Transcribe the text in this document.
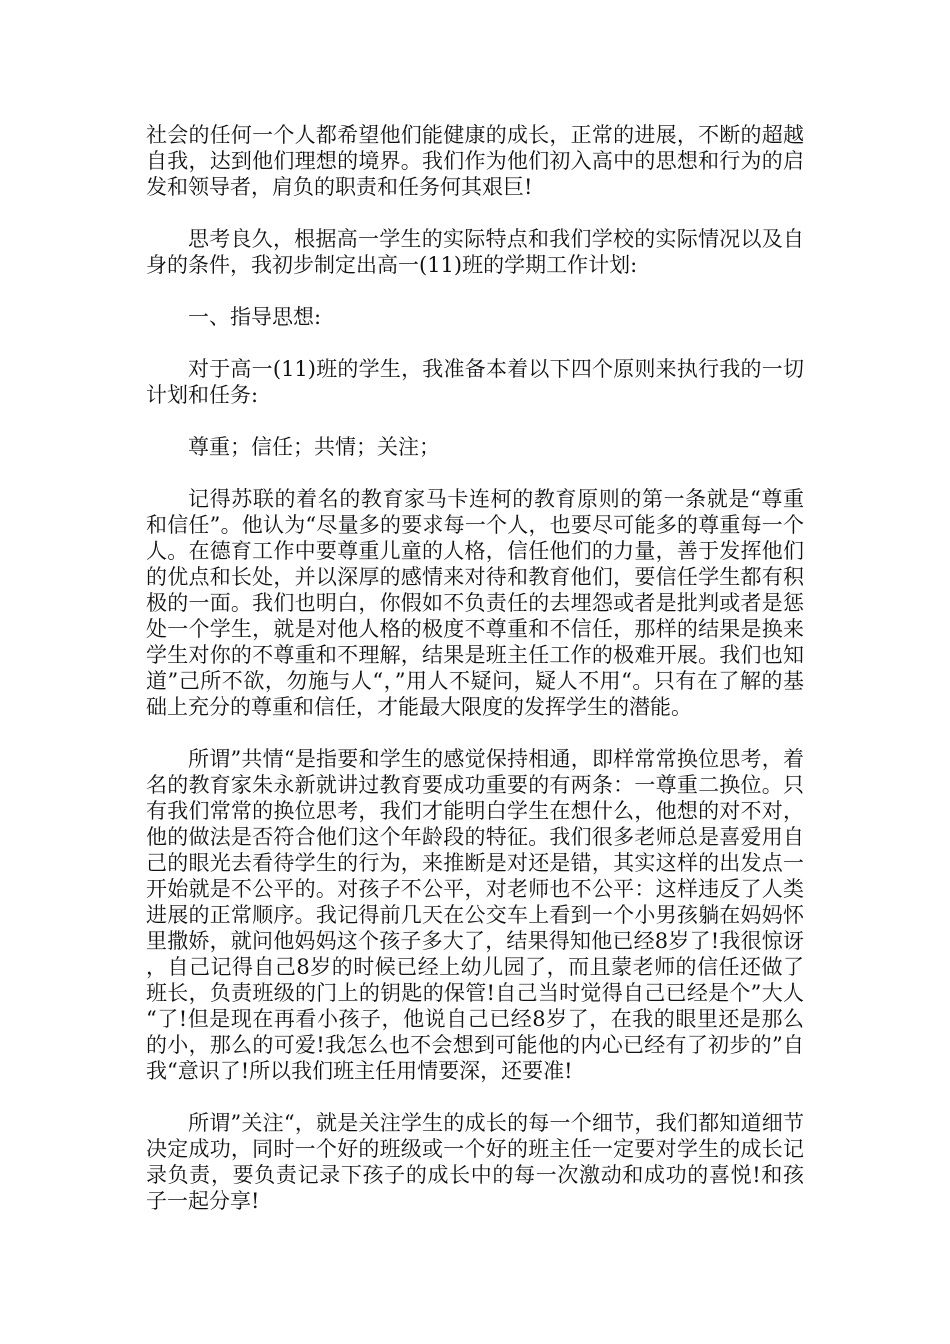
社会的任何一个人都希望他们能健康的成长，正常的进展，不断的超越自我，达到他们理想的境界。我们作为他们初入高中的思想和行为的启发和领导者，肩负的职责和任务何其艰巨!

思考良久，根据高一学生的实际特点和我们学校的实际情况以及自身的条件，我初步制定出高一(11)班的学期工作计划:

一、指导思想:

对于高一(11)班的学生，我准备本着以下四个原则来执行我的一切计划和任务:

尊重；信任；共情；关注；

记得苏联的着名的教育家马卡连柯的教育原则的第一条就是“尊重和信任”。他认为“尽量多的要求每一个人，也要尽可能多的尊重每一个人。在德育工作中要尊重儿童的人格，信任他们的力量，善于发挥他们的优点和长处，并以深厚的感情来对待和教育他们，要信任学生都有积极的一面。我们也明白，你假如不负责任的去埋怨或者是批判或者是惩处一个学生，就是对他人格的极度不尊重和不信任，那样的结果是换来学生对你的不尊重和不理解，结果是班主任工作的极难开展。我们也知道”己所不欲，勿施与人“，”用人不疑问，疑人不用“。只有在了解的基础上充分的尊重和信任，才能最大限度的发挥学生的潜能。

所谓”共情“是指要和学生的感觉保持相通，即样常常换位思考，着名的教育家朱永新就讲过教育要成功重要的有两条：一尊重二换位。只有我们常常的换位思考，我们才能明白学生在想什么，他想的对不对，他的做法是否符合他们这个年龄段的特征。我们很多老师总是喜爱用自己的眼光去看待学生的行为，来推断是对还是错，其实这样的出发点一开始就是不公平的。对孩子不公平，对老师也不公平：这样违反了人类进展的正常顺序。我记得前几天在公交车上看到一个小男孩躺在妈妈怀里撒娇，就问他妈妈这个孩子多大了，结果得知他已经8岁了!我很惊讶，自己记得自己8岁的时候已经上幼儿园了，而且蒙老师的信任还做了班长，负责班级的门上的钥匙的保管!自己当时觉得自己已经是个”大人“了!但是现在再看小孩子，他说自己已经8岁了，在我的眼里还是那么的小，那么的可爱!我怎么也不会想到可能他的内心已经有了初步的”自我“意识了!所以我们班主任用情要深，还要准!

所谓”关注“，就是关注学生的成长的每一个细节，我们都知道细节决定成功，同时一个好的班级或一个好的班主任一定要对学生的成长记录负责，要负责记录下孩子的成长中的每一次激动和成功的喜悦!和孩子一起分享!
